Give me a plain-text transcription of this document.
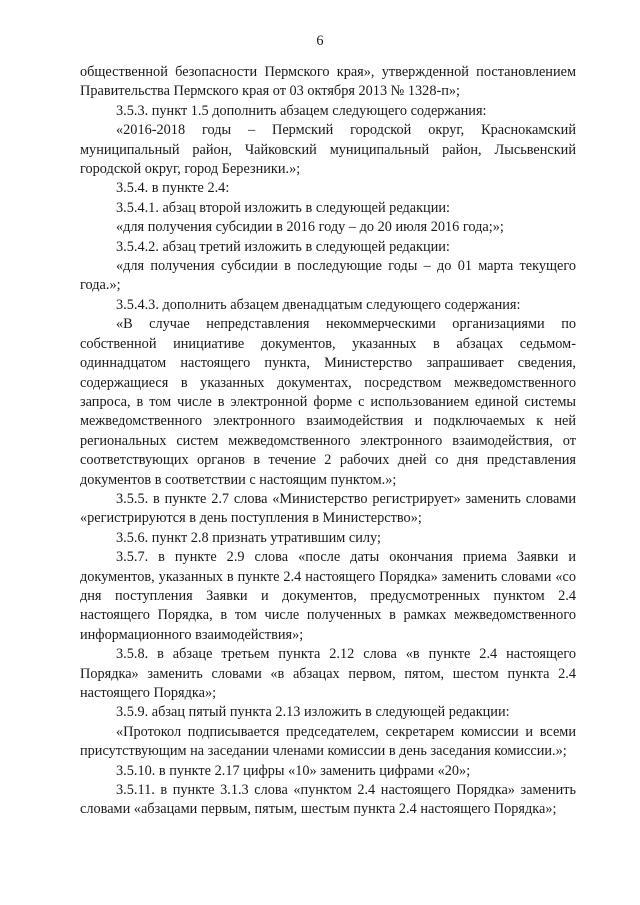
6

общественной безопасности Пермского края», утвержденной постановлением Правительства Пермского края от 03 октября 2013 № 1328-п»;

3.5.3. пункт 1.5 дополнить абзацем следующего содержания:

«2016-2018 годы – Пермский городской округ, Краснокамский муниципальный район, Чайковский муниципальный район, Лысьвенский городской округ, город Березники.»;

3.5.4. в пункте 2.4:

3.5.4.1. абзац второй изложить в следующей редакции:

«для получения субсидии в 2016 году – до 20 июля 2016 года;»;

3.5.4.2. абзац третий изложить в следующей редакции:

«для получения субсидии в последующие годы – до 01 марта текущего года.»;

3.5.4.3. дополнить абзацем двенадцатым следующего содержания:

«В случае непредставления некоммерческими организациями по собственной инициативе документов, указанных в абзацах седьмом-одиннадцатом настоящего пункта, Министерство запрашивает сведения, содержащиеся в указанных документах, посредством межведомственного запроса, в том числе в электронной форме с использованием единой системы межведомственного электронного взаимодействия и подключаемых к ней региональных систем межведомственного электронного взаимодействия, от соответствующих органов в течение 2 рабочих дней со дня представления документов в соответствии с настоящим пунктом.»;

3.5.5. в пункте 2.7 слова «Министерство регистрирует» заменить словами «регистрируются в день поступления в Министерство»;

3.5.6. пункт 2.8 признать утратившим силу;

3.5.7. в пункте 2.9 слова «после даты окончания приема Заявки и документов, указанных в пункте 2.4 настоящего Порядка» заменить словами «со дня поступления Заявки и документов, предусмотренных пунктом 2.4 настоящего Порядка, в том числе полученных в рамках межведомственного информационного взаимодействия»;

3.5.8. в абзаце третьем пункта 2.12 слова «в пункте 2.4 настоящего Порядка» заменить словами «в абзацах первом, пятом, шестом пункта 2.4 настоящего Порядка»;

3.5.9. абзац пятый пункта 2.13 изложить в следующей редакции:

«Протокол подписывается председателем, секретарем комиссии и всеми присутствующим на заседании членами комиссии в день заседания комиссии.»;

3.5.10. в пункте 2.17 цифры «10» заменить цифрами «20»;

3.5.11. в пункте 3.1.3 слова «пунктом 2.4 настоящего Порядка» заменить словами «абзацами первым, пятым, шестым пункта 2.4 настоящего Порядка»;
